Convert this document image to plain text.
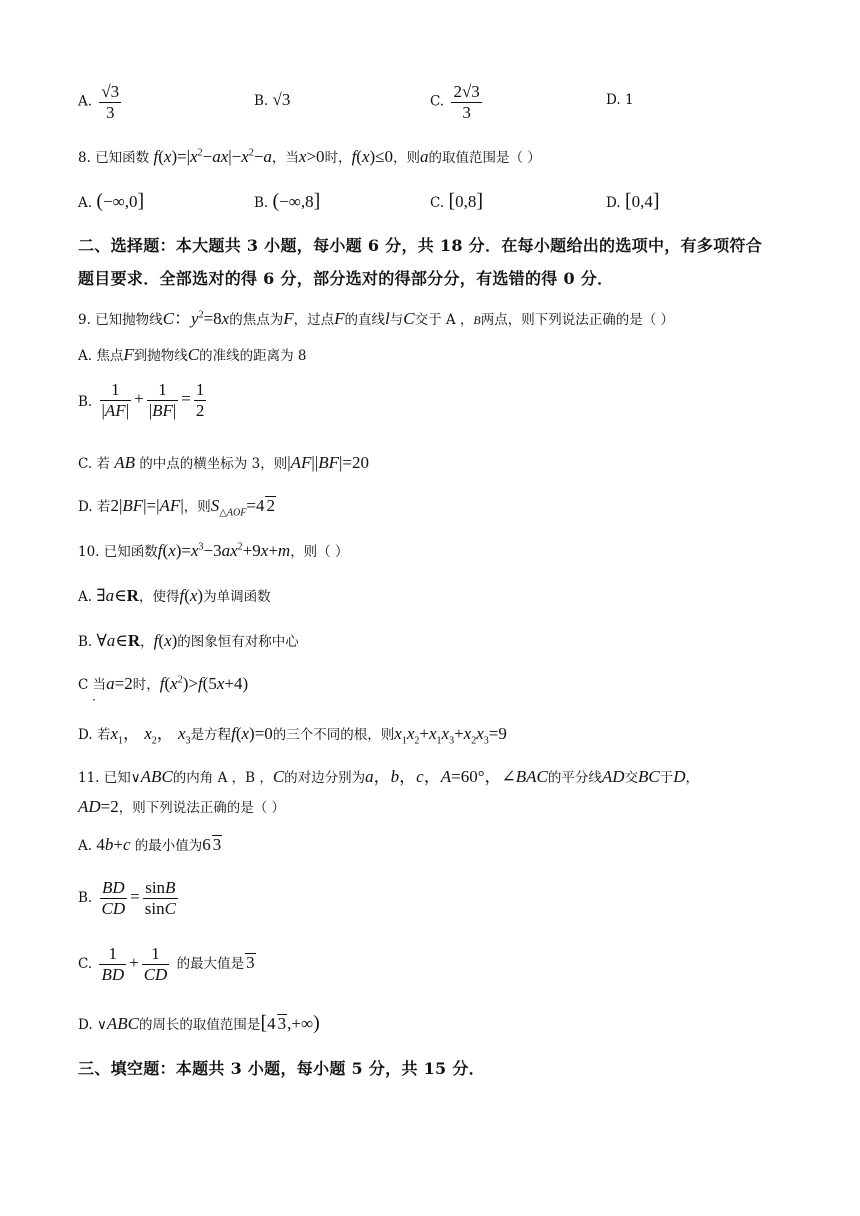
A. $\frac{√3}{3}$	B. √3	C. $\frac{2√3}{3}$	D. 1
8. 已知函数 $f(x)=|x^2-ax|-x^2-a$，当x>0时，f(x)≤0，则a的取值范围是（ ）
A. (−∞,0]	B. (−∞,8]	C. [0,8]	D. [0,4]
二、选择题：本大题共 3 小题，每小题 6 分，共 18 分．在每小题给出的选项中，有多项符合
题目要求．全部选对的得 6 分，部分选对的得部分分，有选错的得 0 分．
9. 已知抛物线C：$y^2=8x$的焦点为F，过点F的直线l与C交于 A ，B两点，则下列说法正确的是（ ）
A. 焦点F到抛物线C的准线的距离为 8
B. $\frac{1}{|AF|} + \frac{1}{|BF|} = \frac{1}{2}$
C. 若 AB 的中点的横坐标为 3，则|AF||BF|=20
D. 若2|BF|=|AF|，则$S_{\triangle AOF}=4$ 2
10. 已知函数$f(x)=x^3-3ax^2+9x+m$，则（ ）
A. ∃a∈R，使得f(x)为单调函数
B. ∀a∈R，f(x)的图象恒有对称中心
C 当a=2时，$f(x^2)>f(5x+4)$
·
D. 若$x_1$， $x_2$， $x_3$是方程f(x)=0的三个不同的根，则$x_1x_2+x_1x_3+x_2x_3=9$
11. 已知∨ABC的内角 A ，B ，C的对边分别为a，b，c，A=60°，∠BAC的平分线AD交BC于D，
AD=2，则下列说法正确的是（ ）
A. 4b+c 的最小值为6 3
B. $\frac{BD}{CD} = \frac{\sin B}{\sin C}$
C. $\frac{1}{BD} + \frac{1}{CD}$ 的最大值是 3
D. ∨ABC的周长的取值范围是[4 3,+∞)
三、填空题：本题共 3 小题，每小题 5 分，共 15 分．
